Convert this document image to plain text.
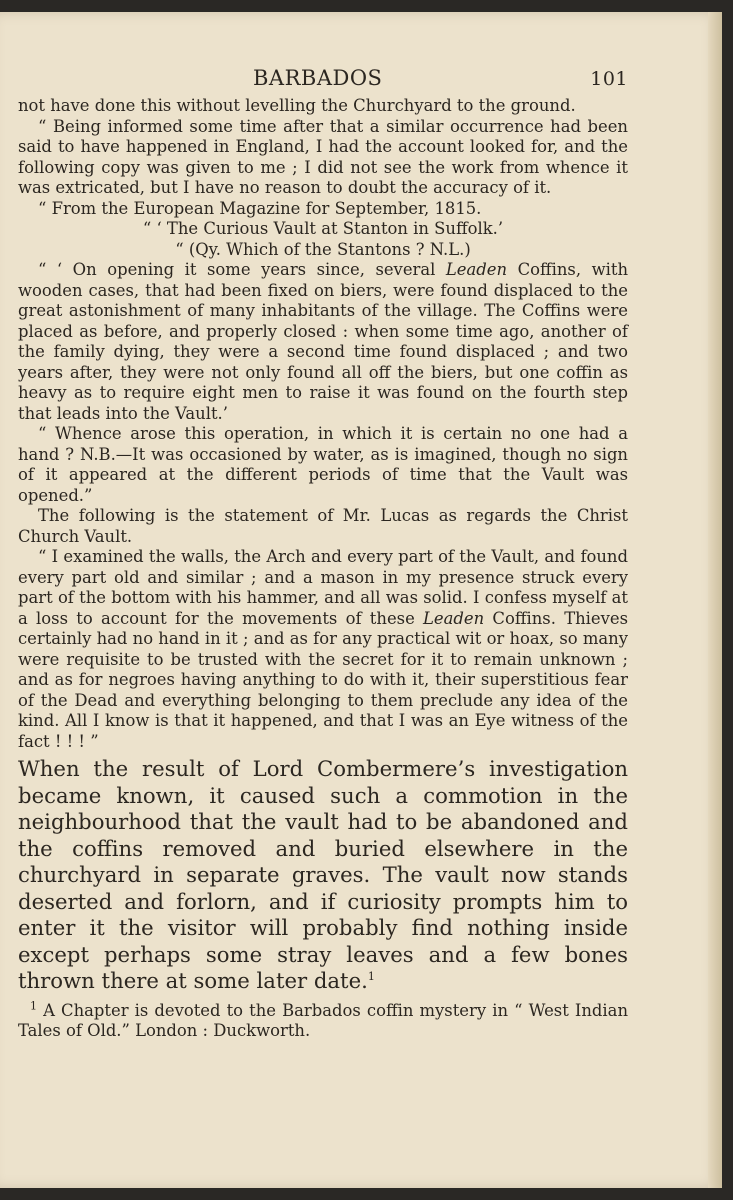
BARBADOS	101

not have done this without levelling the Churchyard to the ground.

“ Being informed some time after that a similar occurrence had been said to have happened in England, I had the account looked for, and the following copy was given to me ; I did not see the work from whence it was extricated, but I have no reason to doubt the accuracy of it.

“ From the European Magazine for September, 1815.

“ ‘ The Curious Vault at Stanton in Suffolk.’

“ (Qy. Which of the Stantons ? N.L.)

“ ‘ On opening it some years since, several Leaden Coffins, with wooden cases, that had been fixed on biers, were found displaced to the great astonishment of many inhabitants of the village. The Coffins were placed as before, and properly closed : when some time ago, another of the family dying, they were a second time found displaced ; and two years after, they were not only found all off the biers, but one coffin as heavy as to require eight men to raise it was found on the fourth step that leads into the Vault.’

“ Whence arose this operation, in which it is certain no one had a hand ? N.B.—It was occasioned by water, as is imagined, though no sign of it appeared at the different periods of time that the Vault was opened.”

The following is the statement of Mr. Lucas as regards the Christ Church Vault.

“ I examined the walls, the Arch and every part of the Vault, and found every part old and similar ; and a mason in my presence struck every part of the bottom with his hammer, and all was solid. I confess myself at a loss to account for the movements of these Leaden Coffins. Thieves certainly had no hand in it ; and as for any practical wit or hoax, so many were requisite to be trusted with the secret for it to remain unknown ; and as for negroes having anything to do with it, their superstitious fear of the Dead and everything belonging to them preclude any idea of the kind. All I know is that it happened, and that I was an Eye witness of the fact ! ! ! ”

When the result of Lord Combermere’s investigation became known, it caused such a commotion in the neighbourhood that the vault had to be abandoned and the coffins removed and buried elsewhere in the churchyard in separate graves. The vault now stands deserted and forlorn, and if curiosity prompts him to enter it the visitor will probably find nothing inside except perhaps some stray leaves and a few bones thrown there at some later date.$^1$

$^1$ A Chapter is devoted to the Barbados coffin mystery in “ West Indian Tales of Old.” London : Duckworth.
